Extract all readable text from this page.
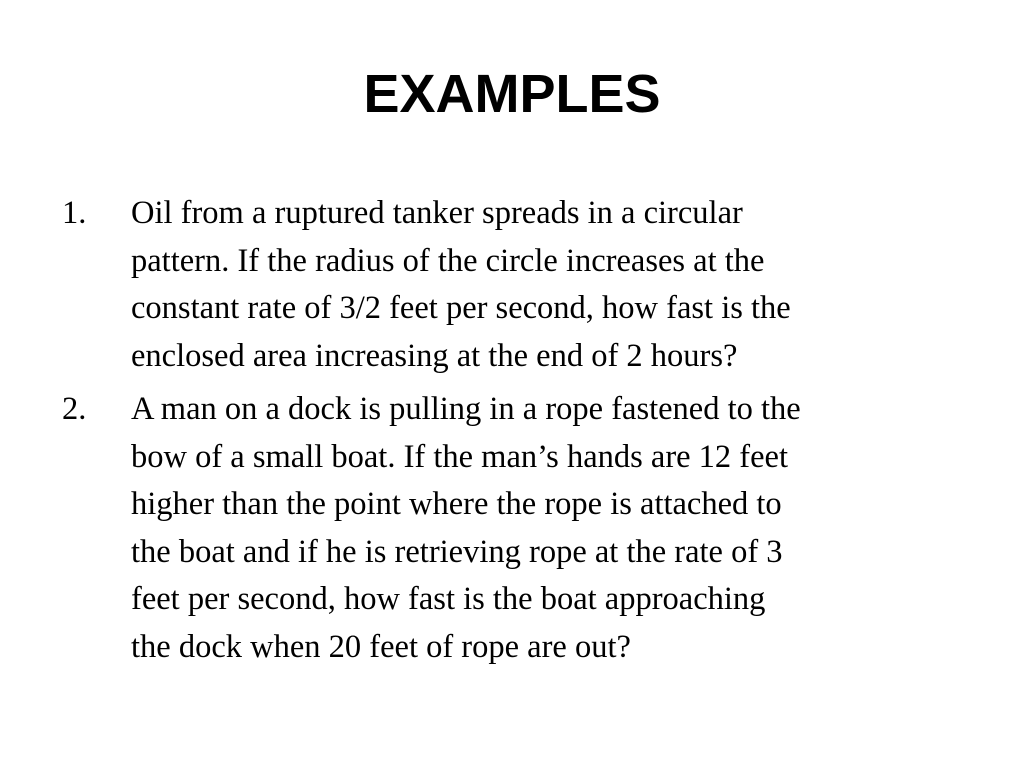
EXAMPLES
1. Oil from a ruptured tanker spreads in a circular
pattern. If the radius of the circle increases at the
constant rate of 3/2 feet per second, how fast is the
enclosed area increasing at the end of 2 hours?
2. A man on a dock is pulling in a rope fastened to the
bow of a small boat. If the man’s hands are 12 feet
higher than the point where the rope is attached to
the boat and if he is retrieving rope at the rate of 3
feet per second, how fast is the boat approaching
the dock when 20 feet of rope are out?
